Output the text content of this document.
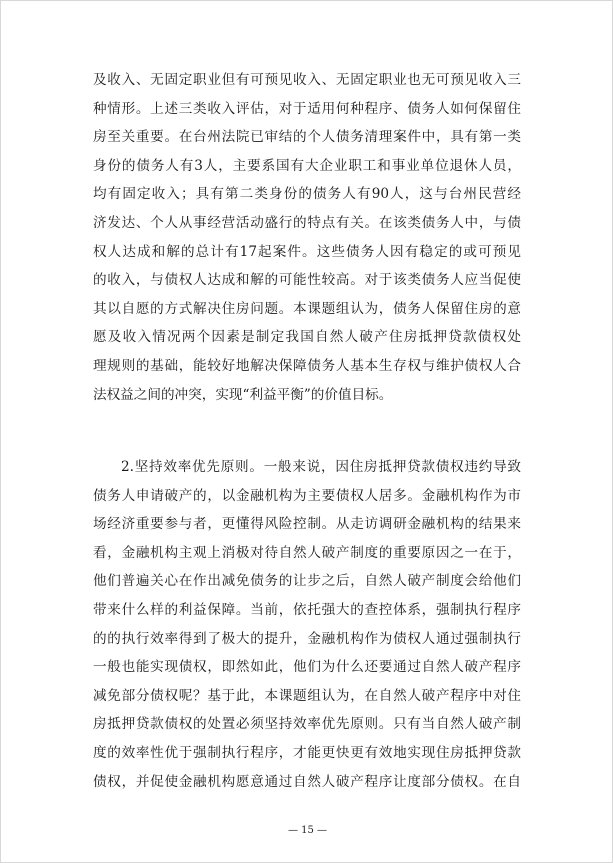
及收入、无固定职业但有可预见收入、无固定职业也无可预见收入三
种情形。上述三类收入评估，对于适用何种程序、债务人如何保留住
房至关重要。在台州法院已审结的个人债务清理案件中，具有第一类
身份的债务人有3人，主要系国有大企业职工和事业单位退休人员，
均有固定收入；具有第二类身份的债务人有90人，这与台州民营经
济发达、个人从事经营活动盛行的特点有关。在该类债务人中，与债
权人达成和解的总计有17起案件。这些债务人因有稳定的或可预见
的收入，与债权人达成和解的可能性较高。对于该类债务人应当促使
其以自愿的方式解决住房问题。本课题组认为，债务人保留住房的意
愿及收入情况两个因素是制定我国自然人破产住房抵押贷款债权处
理规则的基础，能较好地解决保障债务人基本生存权与维护债权人合
法权益之间的冲突，实现“利益平衡”的价值目标。
2.坚持效率优先原则。一般来说，因住房抵押贷款债权违约导致
债务人申请破产的，以金融机构为主要债权人居多。金融机构作为市
场经济重要参与者，更懂得风险控制。从走访调研金融机构的结果来
看，金融机构主观上消极对待自然人破产制度的重要原因之一在于，
他们普遍关心在作出减免债务的让步之后，自然人破产制度会给他们
带来什么样的利益保障。当前，依托强大的查控体系，强制执行程序
的的执行效率得到了极大的提升，金融机构作为债权人通过强制执行
一般也能实现债权，即然如此，他们为什么还要通过自然人破产程序
减免部分债权呢？基于此，本课题组认为，在自然人破产程序中对住
房抵押贷款债权的处置必须坚持效率优先原则。只有当自然人破产制
度的效率性优于强制执行程序，才能更快更有效地实现住房抵押贷款
债权，并促使金融机构愿意通过自然人破产程序让度部分债权。在自
— 15 —
